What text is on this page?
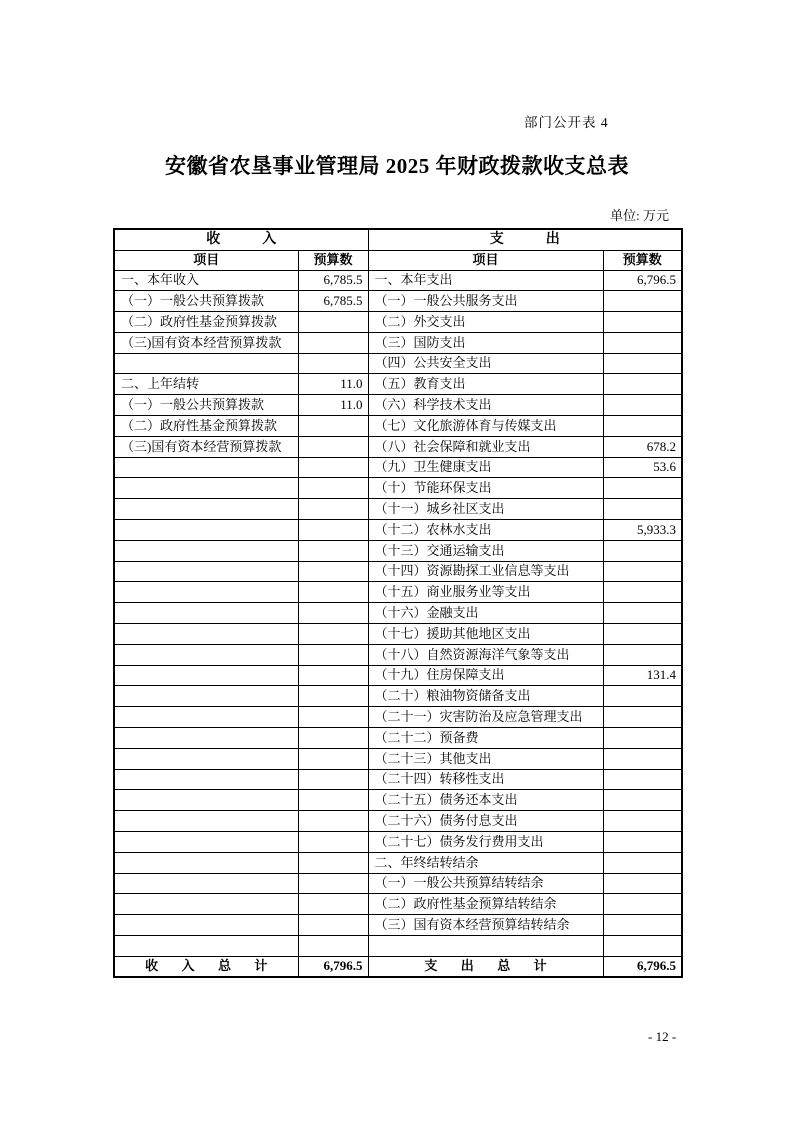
部门公开表 4
安徽省农垦事业管理局 2025 年财政拨款收支总表
单位: 万元
收入		支出	
项目	预算数	项目	预算数
一、本年收入	6,785.5	一、本年支出	6,796.5
（一）一般公共预算拨款	6,785.5	（一）一般公共服务支出	
（二）政府性基金预算拨款		（二）外交支出	
（三)国有资本经营预算拨款		（三）国防支出	
		（四）公共安全支出	
二、上年结转	11.0	（五）教育支出	
（一）一般公共预算拨款	11.0	（六）科学技术支出	
（二）政府性基金预算拨款		（七）文化旅游体育与传媒支出	
（三)国有资本经营预算拨款		（八）社会保障和就业支出	678.2
		（九）卫生健康支出	53.6
		（十）节能环保支出	
		（十一）城乡社区支出	
		（十二）农林水支出	5,933.3
		（十三）交通运输支出	
		（十四）资源勘探工业信息等支出	
		（十五）商业服务业等支出	
		（十六）金融支出	
		（十七）援助其他地区支出	
		（十八）自然资源海洋气象等支出	
		（十九）住房保障支出	131.4
		（二十）粮油物资储备支出	
		（二十一）灾害防治及应急管理支出	
		（二十二）预备费	
		（二十三）其他支出	
		（二十四）转移性支出	
		（二十五）债务还本支出	
		（二十六）债务付息支出	
		（二十七）债务发行费用支出	
		二、年终结转结余	
		（一）一般公共预算结转结余	
		（二）政府性基金预算结转结余	
		（三）国有资本经营预算结转结余	

收入总计	6,796.5	支出总计	6,796.5
- 12 -
